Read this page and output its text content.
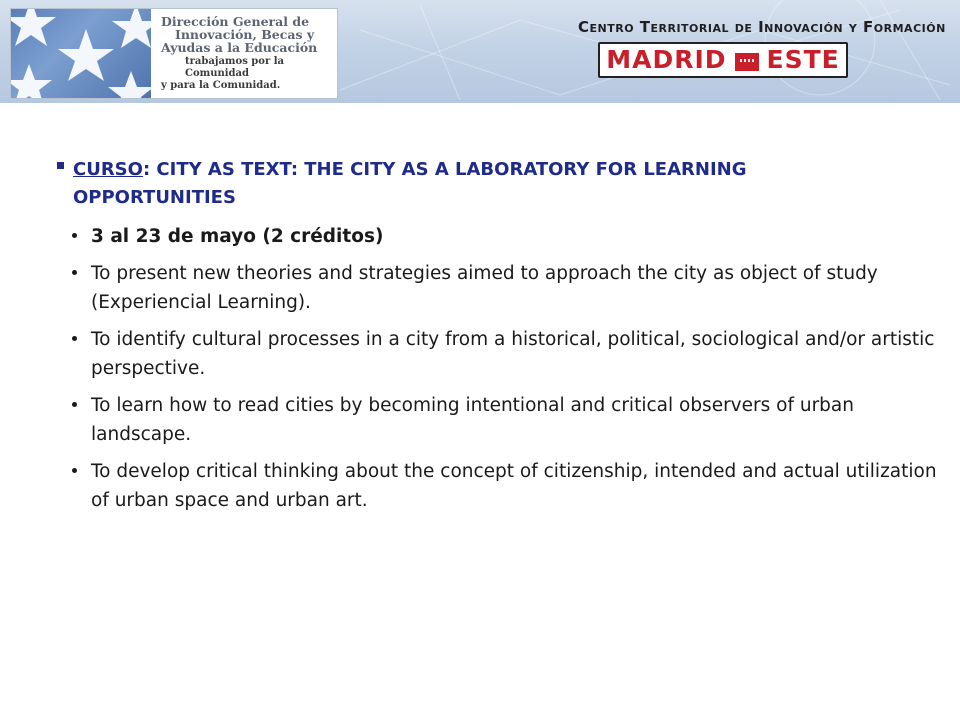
Dirección General de
Innovación, Becas y
Ayudas a la Educación
trabajamos por la Comunidad
y para la Comunidad.
Centro Territorial de Innovación y Formación
MADRID ESTE
CURSO: CITY AS TEXT: THE CITY AS A LABORATORY FOR LEARNING OPPORTUNITIES
3 al 23 de mayo (2 créditos)
To present new theories and strategies aimed to approach the city as object of study (Experiencial Learning).
To identify cultural processes in a city from a historical, political, sociological and/or artistic perspective.
To learn how to read cities by becoming intentional and critical observers of urban landscape.
To develop critical thinking about the concept of citizenship, intended and actual utilization of urban space and urban art.
